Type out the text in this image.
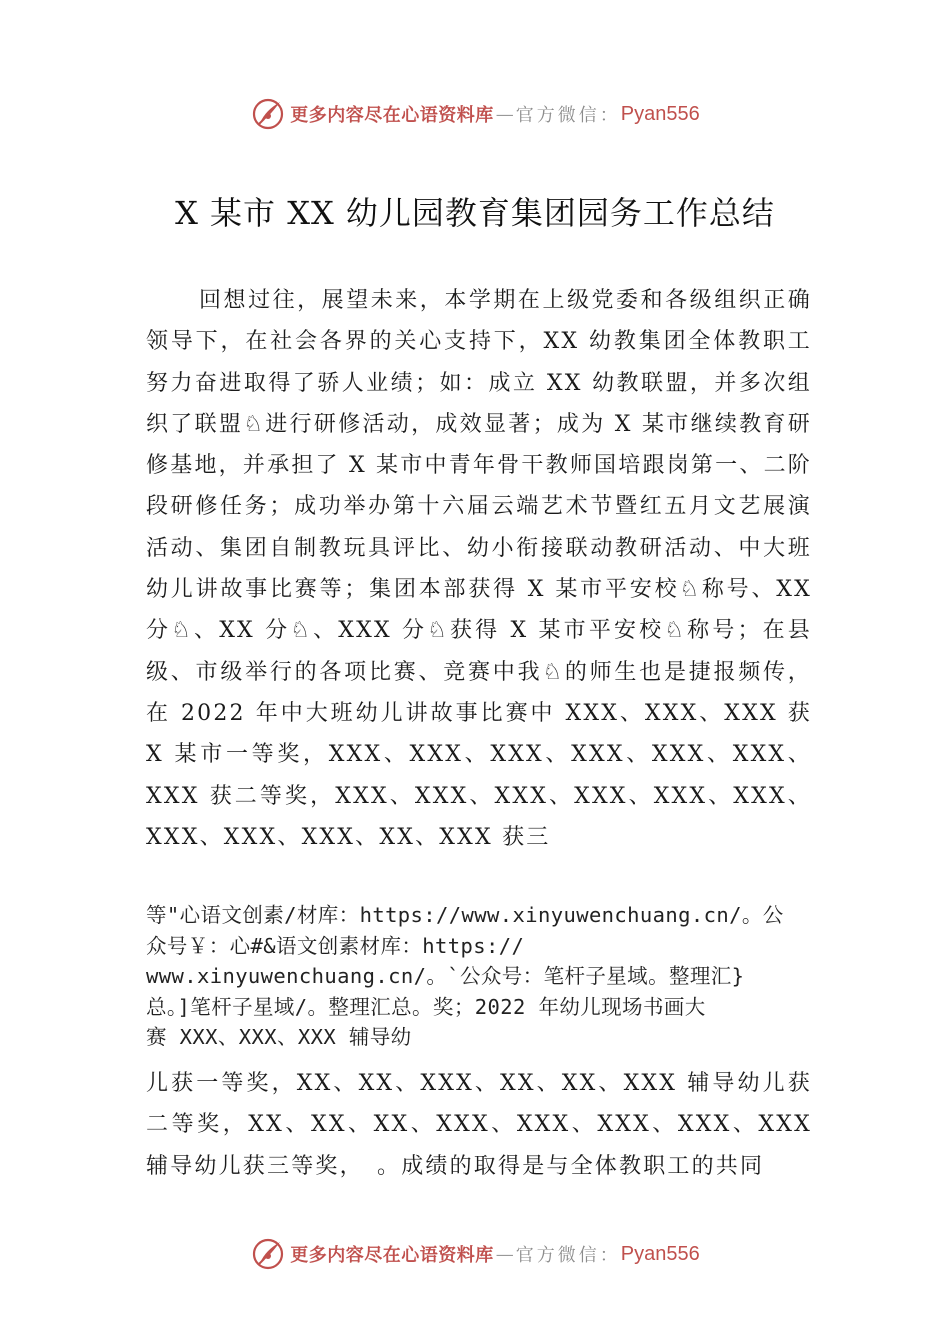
更多内容尽在心语资料库 — 官方微信： Pyan556
X 某市 XX 幼儿园教育集团园务工作总结
回想过往，展望未来，本学期在上级党委和各级组织正确领导下，在社会各界的关心支持下，XX 幼教集团全体教职工努力奋进取得了骄人业绩；如：成立 XX 幼教联盟，并多次组织了联盟♘进行研修活动，成效显著；成为 X 某市继续教育研修基地，并承担了 X 某市中青年骨干教师国培跟岗第一、二阶段研修任务；成功举办第十六届云端艺术节暨红五月文艺展演活动、集团自制教玩具评比、幼小衔接联动教研活动、中大班幼儿讲故事比赛等；集团本部获得 X 某市平安校♘称号、XX 分♘、XX 分♘、XXX 分♘获得 X 某市平安校♘称号；在县级、市级举行的各项比赛、竞赛中我♘的师生也是捷报频传，在 2022 年中大班幼儿讲故事比赛中 XXX、XXX、XXX 获 X 某市一等奖，XXX、XXX、XXX、XXX、XXX、XXX、XXX 获二等奖，XXX、XXX、XXX、XXX、XXX、XXX、XXX、XXX、XXX、XX、XXX 获三
等"心语文创素/材库：https://www.xinyuwenchuang.cn/。公
众号￥：心#&语文创素材库：https://
www.xinyuwenchuang.cn/。`公众号：笔杆子星域。整理汇}
总。]笔杆子星域/。整理汇总。奖；2022 年幼儿现场书画大
赛 XXX、XXX、XXX 辅导幼
儿获一等奖，XX、XX、XXX、XX、XX、XXX 辅导幼儿获二等奖，XX、XX、XX、XXX、XXX、XXX、XXX、XXX 辅导幼儿获三等奖，　。成绩的取得是与全体教职工的共同
更多内容尽在心语资料库 — 官方微信： Pyan556
